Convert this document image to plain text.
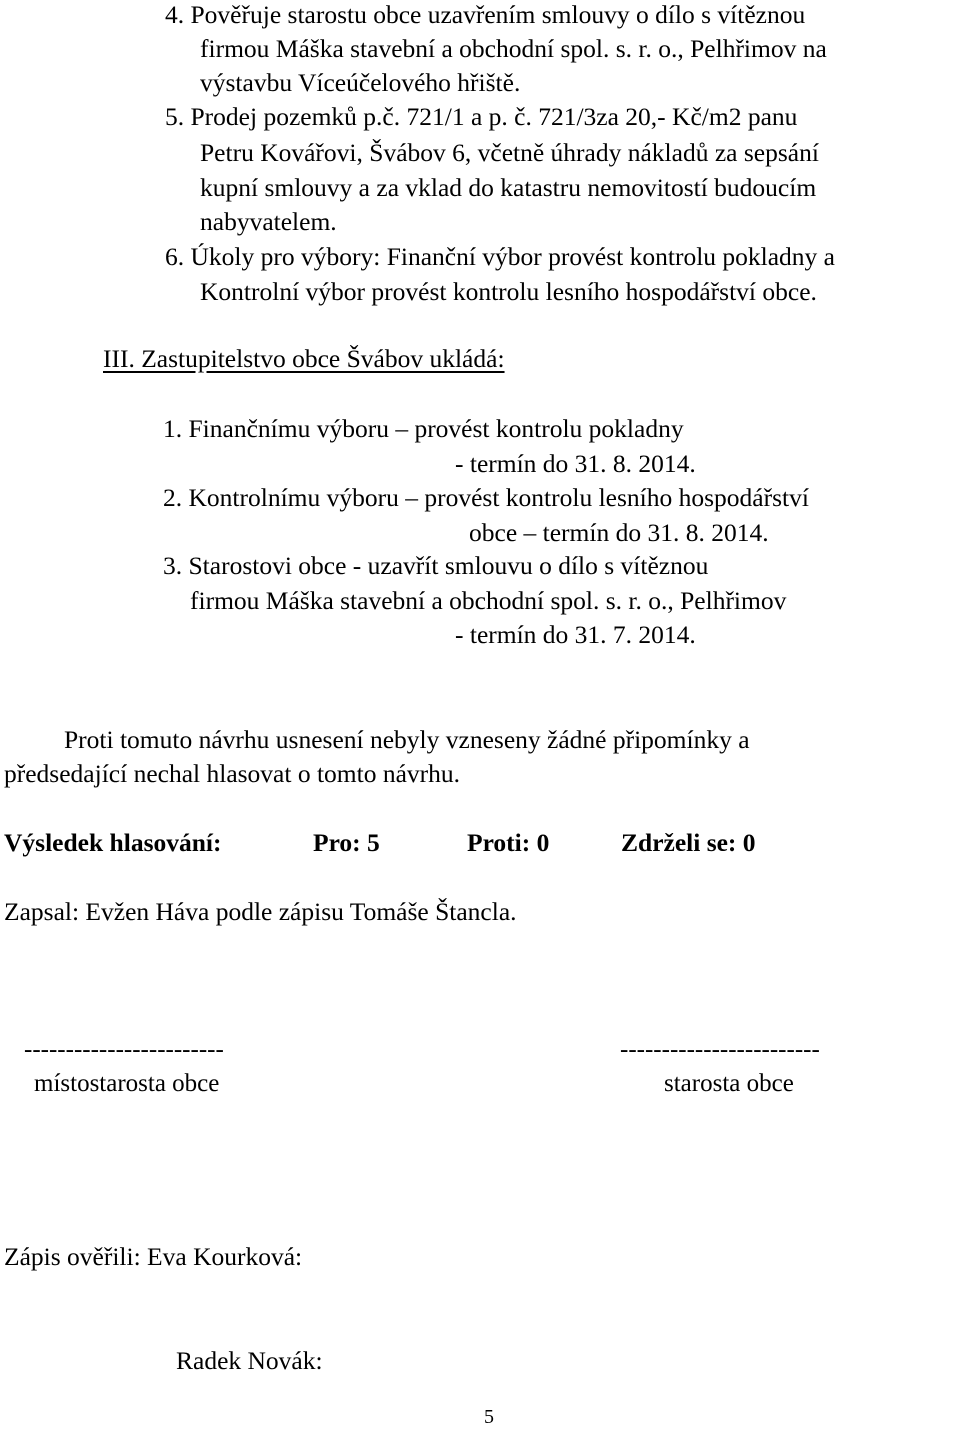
4. Pověřuje starostu obce uzavřením smlouvy o dílo s vítěznou
firmou Máška stavební a obchodní spol. s. r. o., Pelhřimov na
výstavbu Víceúčelového hřiště.
5. Prodej pozemků p.č. 721/1 a p. č. 721/3za 20,- Kč/m2 panu
Petru Kovářovi, Švábov 6, včetně úhrady nákladů za sepsání
kupní smlouvy a za vklad do katastru nemovitostí budoucím
nabyvatelem.
6. Úkoly pro výbory: Finanční výbor provést kontrolu pokladny a
Kontrolní výbor provést kontrolu lesního hospodářství obce.
III. Zastupitelstvo obce Švábov ukládá:
1. Finančnímu výboru – provést kontrolu pokladny
- termín do 31. 8. 2014.
2. Kontrolnímu výboru – provést kontrolu lesního hospodářství
obce – termín do 31. 8. 2014.
3. Starostovi obce - uzavřít smlouvu o dílo s vítěznou
firmou Máška stavební a obchodní spol. s. r. o., Pelhřimov
- termín do 31. 7. 2014.
Proti tomuto návrhu usnesení nebyly vzneseny žádné připomínky a
předsedající nechal hlasovat o tomto návrhu.
Výsledek hlasování:	Pro: 5	Proti: 0	Zdrželi se: 0
Zapsal: Evžen Háva podle zápisu Tomáše Štancla.
------------------------	------------------------
místostarosta obce	starosta obce
Zápis ověřili: Eva Kourková:
Radek Novák:
5
